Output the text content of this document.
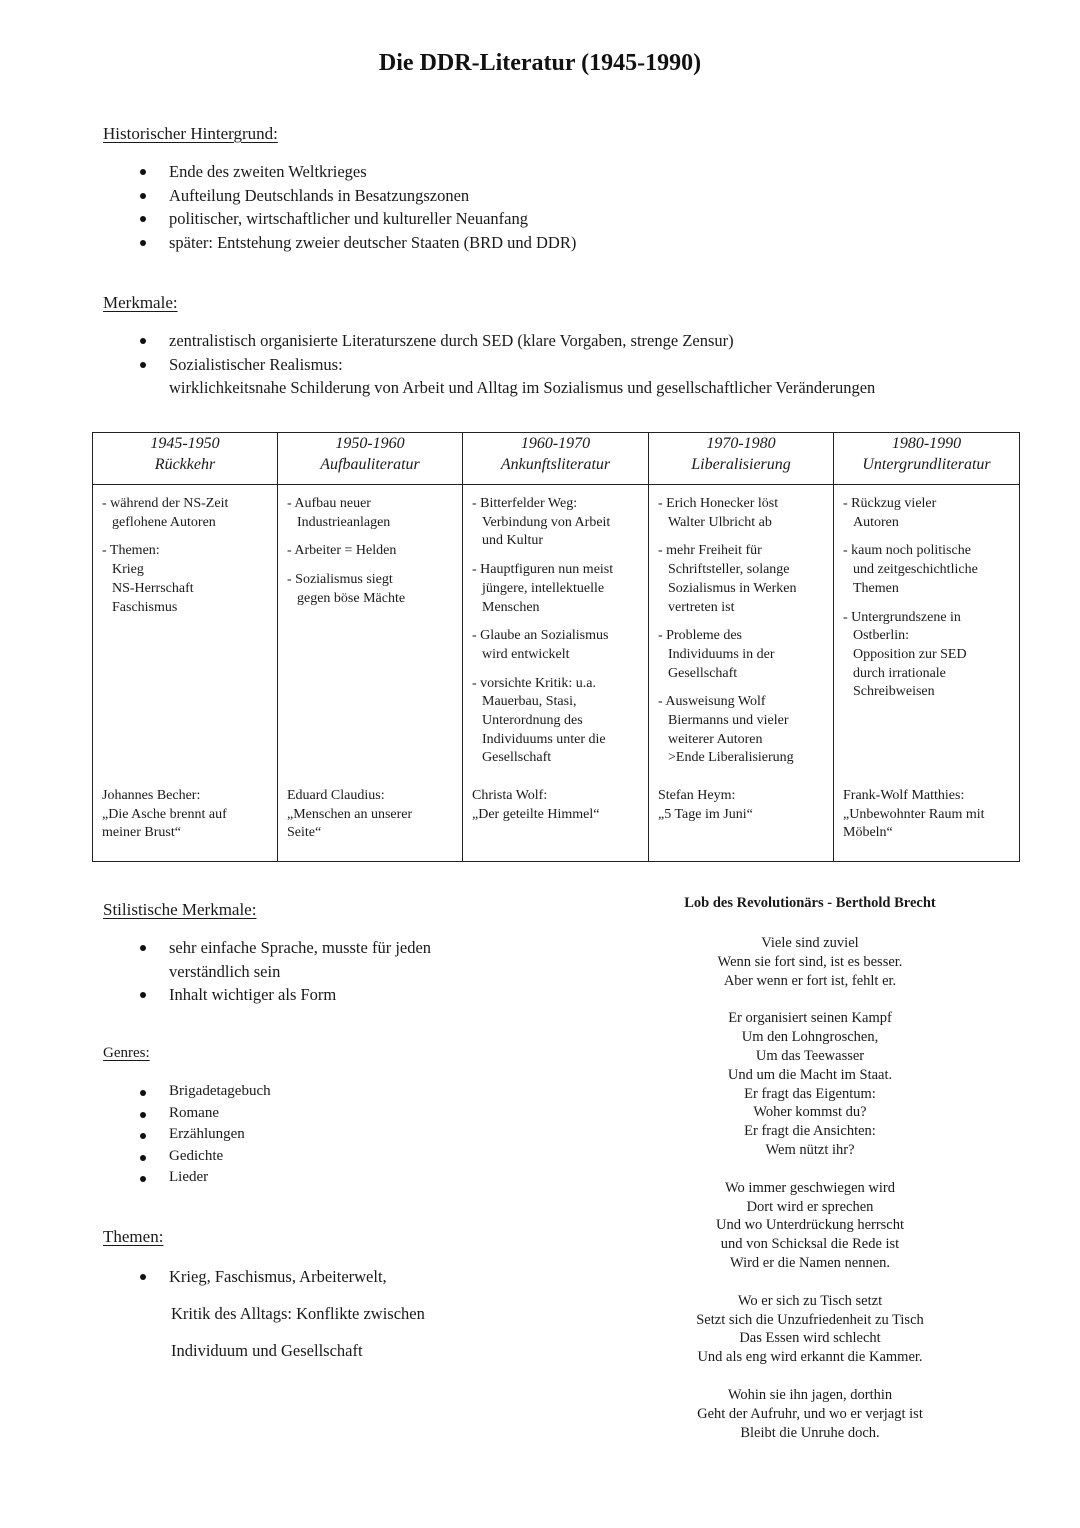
Die DDR-Literatur (1945-1990)
Historischer Hintergrund:
Ende des zweiten Weltkrieges
Aufteilung Deutschlands in Besatzungszonen
politischer, wirtschaftlicher und kultureller Neuanfang
später: Entstehung zweier deutscher Staaten (BRD und DDR)
Merkmale:
zentralistisch organisierte Literaturszene durch SED (klare Vorgaben, strenge Zensur)
Sozialistischer Realismus:
wirklichkeitsnahe Schilderung von Arbeit und Alltag im Sozialismus und gesellschaftlicher Veränderungen
1945-1950
Rückkehr

- während der NS-Zeit
geflohene Autoren

- Themen:
Krieg
NS-Herrschaft
Faschismus

Johannes Becher:
„Die Asche brennt auf
meiner Brust“
1950-1960
Aufbauliteratur

- Aufbau neuer
Industrieanlagen

- Arbeiter = Helden

- Sozialismus siegt
gegen böse Mächte

Eduard Claudius:
„Menschen an unserer
Seite“
1960-1970
Ankunftsliteratur

- Bitterfelder Weg:
Verbindung von Arbeit
und Kultur

- Hauptfiguren nun meist
jüngere, intellektuelle
Menschen

- Glaube an Sozialismus
wird entwickelt

- vorsichte Kritik: u.a.
Mauerbau, Stasi,
Unterordnung des
Individuums unter die
Gesellschaft

Christa Wolf:
„Der geteilte Himmel“
1970-1980
Liberalisierung

- Erich Honecker löst
Walter Ulbricht ab

- mehr Freiheit für
Schriftsteller, solange
Sozialismus in Werken
vertreten ist

- Probleme des
Individuums in der
Gesellschaft

- Ausweisung Wolf
Biermanns und vieler
weiterer Autoren
>Ende Liberalisierung

Stefan Heym:
„5 Tage im Juni“
1980-1990
Untergrundliteratur

- Rückzug vieler
Autoren

- kaum noch politische
und zeitgeschichtliche
Themen

- Untergrundszene in
Ostberlin:
Opposition zur SED
durch irrationale
Schreibweisen

Frank-Wolf Matthies:
„Unbewohnter Raum mit
Möbeln“
Stilistische Merkmale:
sehr einfache Sprache, musste für jeden
verständlich sein
Inhalt wichtiger als Form
Genres:
Brigadetagebuch
Romane
Erzählungen
Gedichte
Lieder
Themen:
Krieg, Faschismus, Arbeiterwelt,
Kritik des Alltags: Konflikte zwischen
Individuum und Gesellschaft
Lob des Revolutionärs - Berthold Brecht
Viele sind zuviel
Wenn sie fort sind, ist es besser.
Aber wenn er fort ist, fehlt er.
Er organisiert seinen Kampf
Um den Lohngroschen,
Um das Teewasser
Und um die Macht im Staat.
Er fragt das Eigentum:
Woher kommst du?
Er fragt die Ansichten:
Wem nützt ihr?
Wo immer geschwiegen wird
Dort wird er sprechen
Und wo Unterdrückung herrscht
und von Schicksal die Rede ist
Wird er die Namen nennen.
Wo er sich zu Tisch setzt
Setzt sich die Unzufriedenheit zu Tisch
Das Essen wird schlecht
Und als eng wird erkannt die Kammer.
Wohin sie ihn jagen, dorthin
Geht der Aufruhr, und wo er verjagt ist
Bleibt die Unruhe doch.
